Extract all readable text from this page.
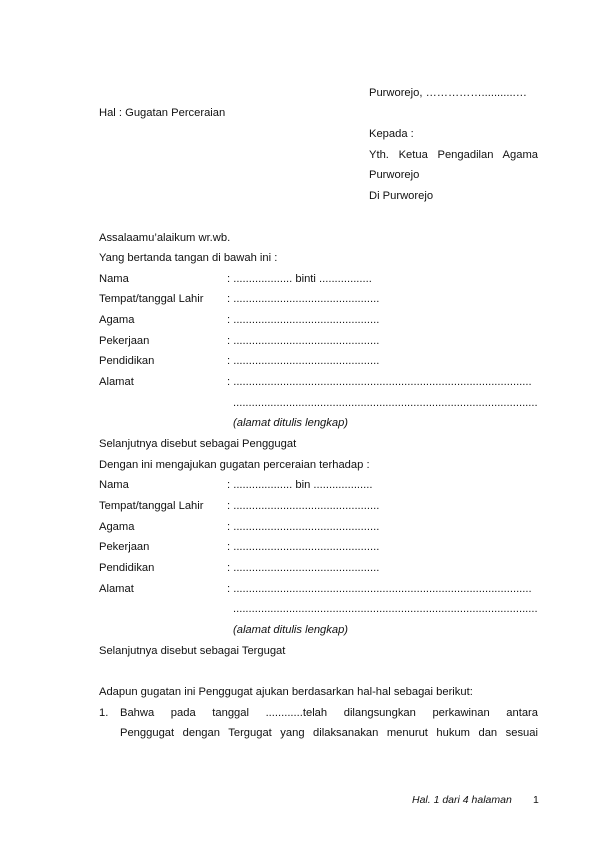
Purworejo, ……………...........…
Hal : Gugatan Perceraian
Kepada :
Yth. Ketua Pengadilan Agama
Purworejo
Di Purworejo
Assalaamu’alaikum wr.wb.
Yang bertanda tangan di bawah ini :
Nama	: ................... binti .................
Tempat/tanggal Lahir : ...............................................
Agama	: ...............................................
Pekerjaan	: ...............................................
Pendidikan	: ...............................................
Alamat	: ................................................................................................
..................................................................................................
(alamat ditulis lengkap)
Selanjutnya disebut sebagai Penggugat
Dengan ini mengajukan gugatan perceraian terhadap :
Nama	: ................... bin ...................
Tempat/tanggal Lahir : ...............................................
Agama	: ...............................................
Pekerjaan	: ...............................................
Pendidikan	: ...............................................
Alamat	: ................................................................................................
..................................................................................................
(alamat ditulis lengkap)
Selanjutnya disebut sebagai Tergugat
Adapun gugatan ini Penggugat ajukan berdasarkan hal-hal sebagai berikut:
1. Bahwa pada tanggal ............telah dilangsungkan perkawinan antara
Penggugat dengan Tergugat yang dilaksanakan menurut hukum dan sesuai
Hal. 1 dari 4 halaman 1
